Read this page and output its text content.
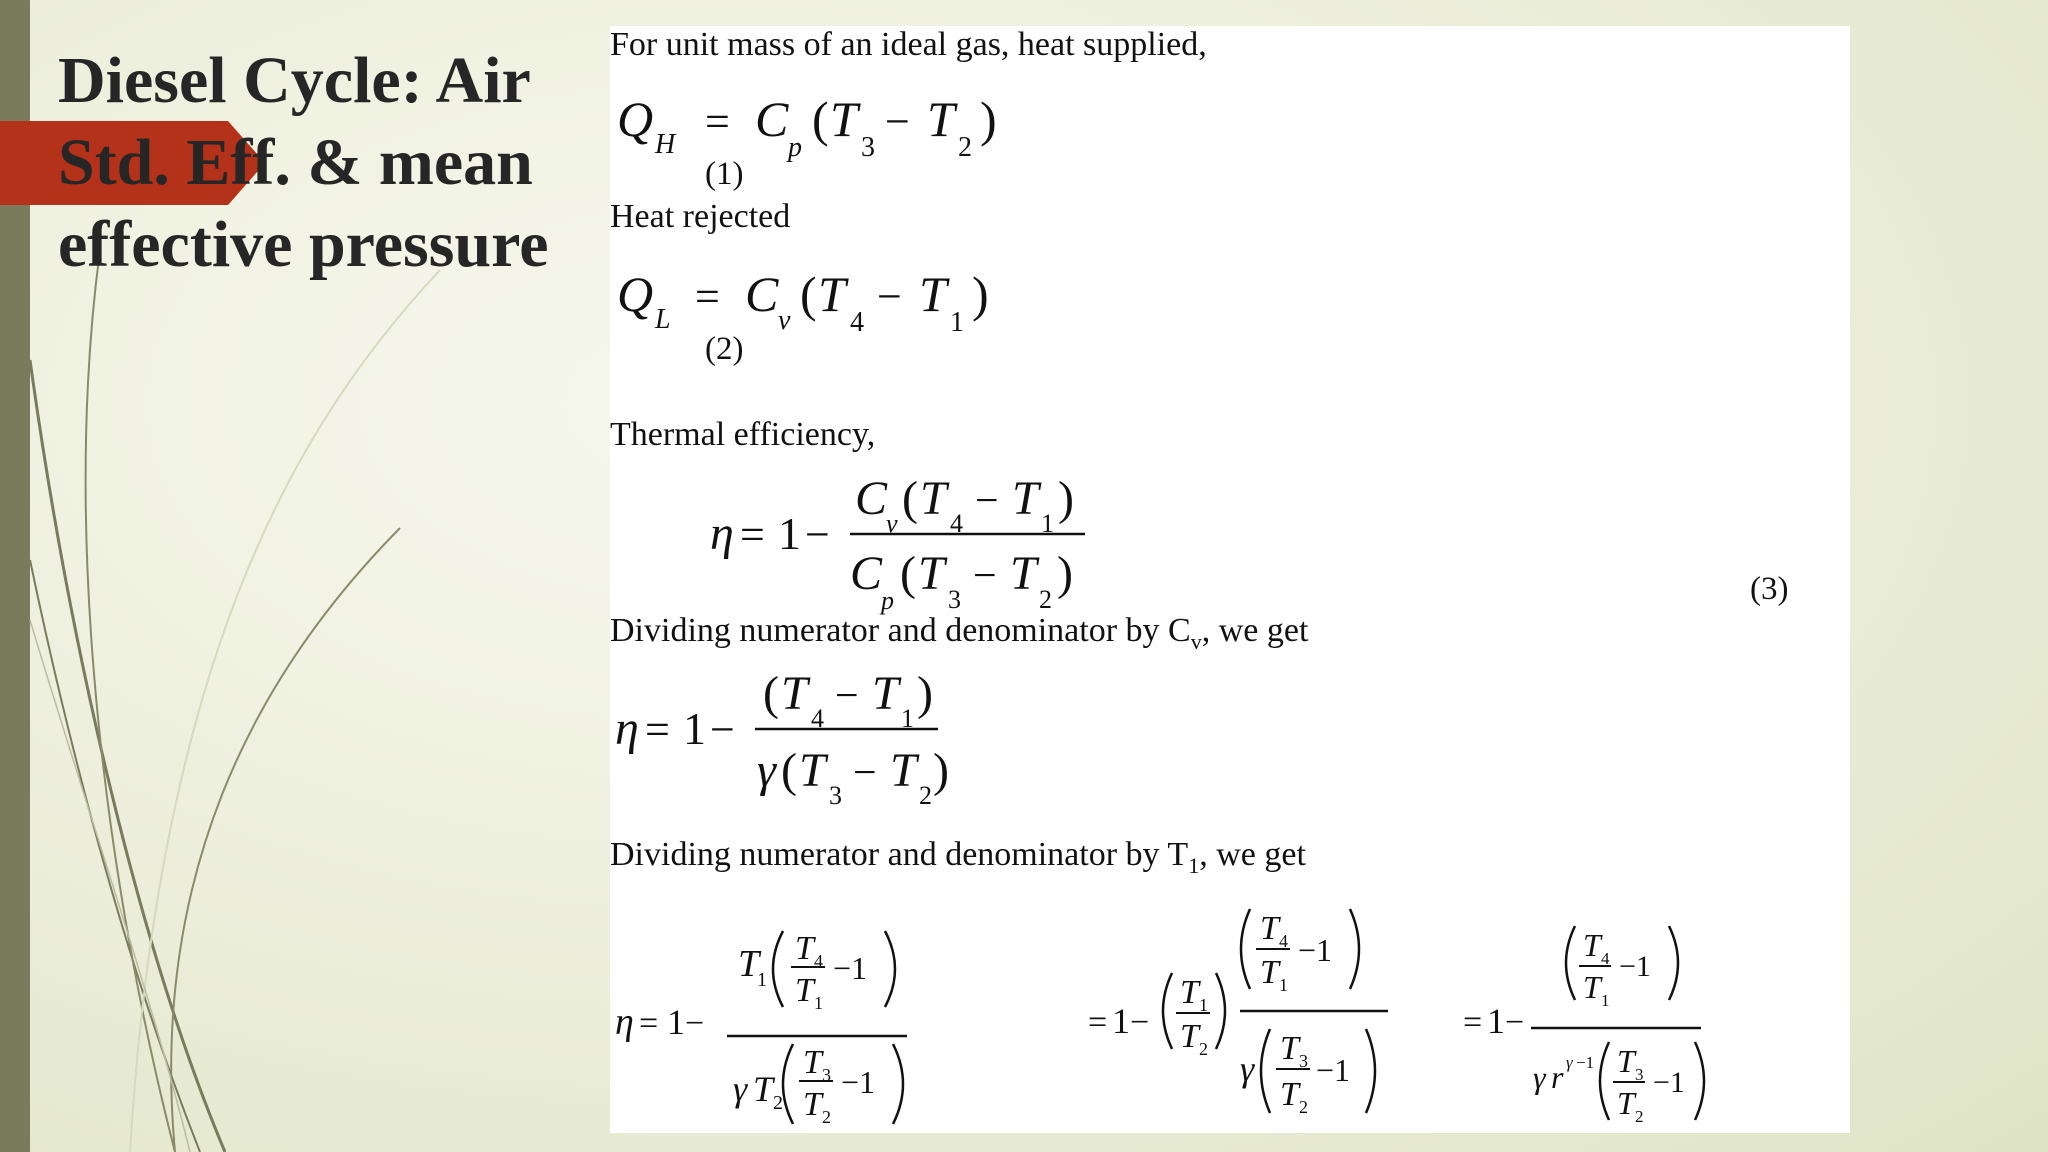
Diesel Cycle: Air Std. Eff. & mean effective pressure
For unit mass of an ideal gas, heat supplied,
Q H = C
p
( T
3
− T
2
)
(1)
Heat rejected
Q L = C v ( T
4
− T
1
)
(2)
Thermal efficiency,
η = 1 −
C
v ( T 4 − T 1 )
C
p
( T 3
− T 2 )	(3)
Dividing numerator and denominator by $C_v$, we get
η = 1 −
( T 4 − T 1 )
γ ( T 3 − T 2 )
Dividing numerator and denominator by $T_1$, we get
η = 1 −
T
1
T 4
T 1
−1
γ T 2
T 3
T 2
−1
= 1 −
T 1
T 2
T 4
T 1
−1
γ
T 3
T 2
−1
= 1 −
T 4
T 1
−1
γ r γ −1 T 3
T 2
−1
